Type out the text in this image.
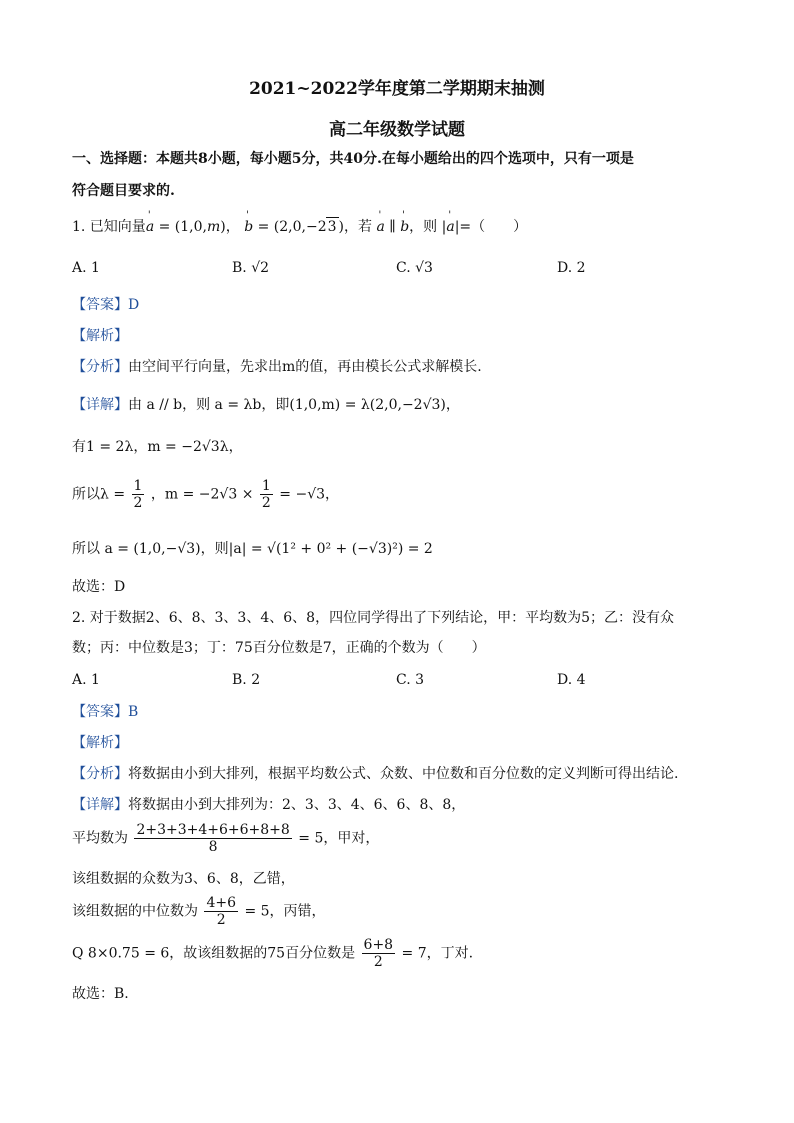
2021~2022学年度第二学期期末抽测
高二年级数学试题
一、选择题：本题共8小题，每小题5分，共40分.在每小题给出的四个选项中，只有一项是
符合题目要求的.
1. 已知向量' a = (1,0,m)， ' b = (2,0,−23 )，若 ' a ∥ ' b，则 |' a|=（　　）
A. 1	B. √2	C. √3	D. 2
【答案】D
【解析】
【分析】由空间平行向量，先求出m的值，再由模长公式求解模长.
【详解】由 a // b，则 a = λb，即(1,0,m) = λ(2,0,−2√3)，
有1 = 2λ，m = −2√3λ，
所以$\lambda = \frac{1}{2}$ ，$m = -2√3 \times \frac{1}{2} = -√3$，
所以 a = (1,0,−√3)，则|a| = √(1² + 0² + (−√3)²) = 2
故选：D
2. 对于数据2、6、8、3、3、4、6、8，四位同学得出了下列结论，甲：平均数为5；乙：没有众
数；丙：中位数是3；丁：75百分位数是7，正确的个数为（　　）
A. 1	B. 2	C. 3	D. 4
【答案】B
【解析】
【分析】将数据由小到大排列，根据平均数公式、众数、中位数和百分位数的定义判断可得出结论.
【详解】将数据由小到大排列为：2、3、3、4、6、6、8、8，
平均数为 $\frac{2+3+3+4+6+6+8+8}{8} = 5$，甲对，
该组数据的众数为3、6、8，乙错，
该组数据的中位数为 $\frac{4+6}{2} = 5$，丙错，
Q 8×0.75 = 6，故该组数据的75百分位数是 $\frac{6+8}{2} = 7$，丁对.
故选：B.
